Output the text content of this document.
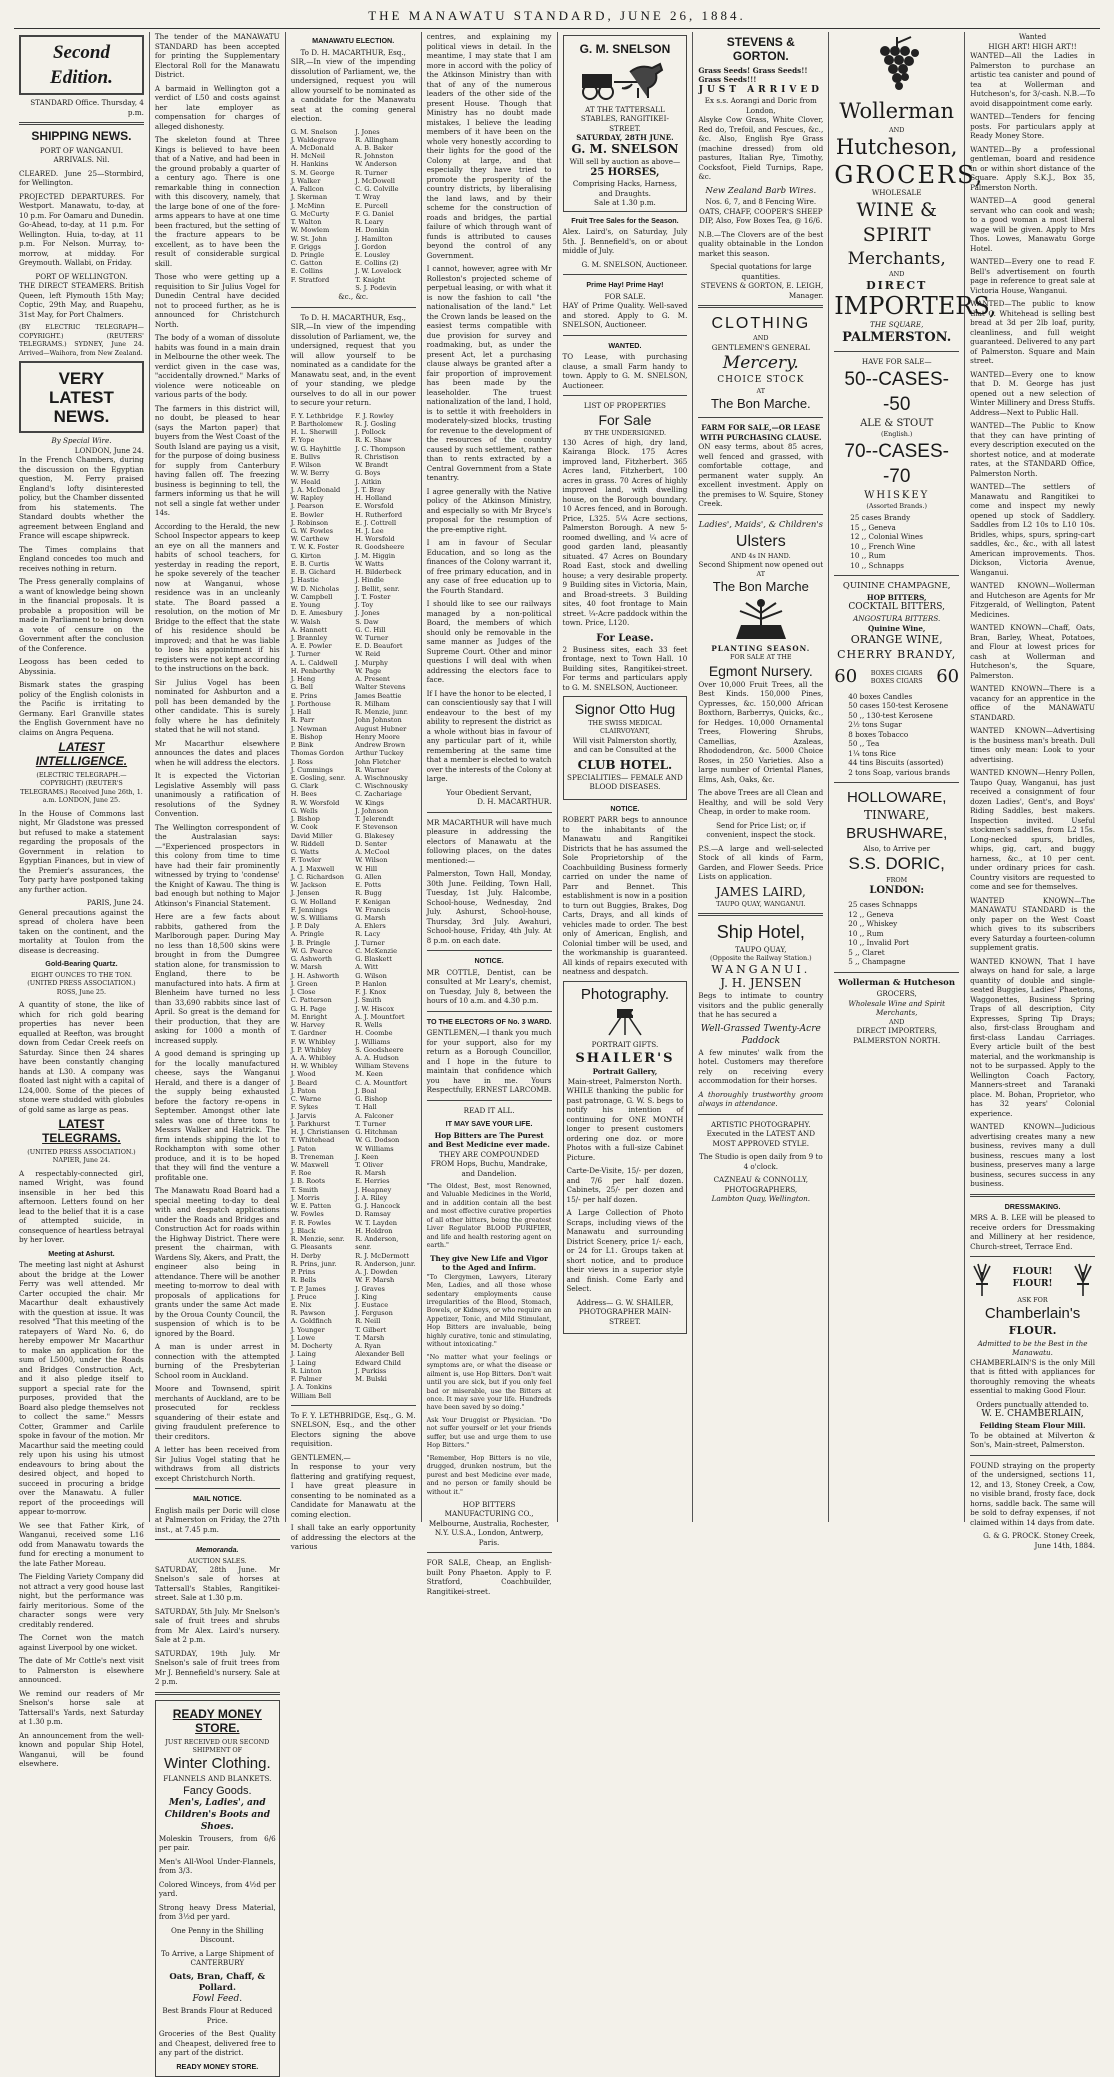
THE MANAWATU STANDARD, JUNE 26, 1884.
Second Edition.

STANDARD Office. Thursday, 4 p.m.

SHIPPING NEWS.
PORT OF WANGANUI.

ARRIVALS. Nil.

CLEARED. June 25—Stormbird, for Wellington.

PROJECTED DEPARTURES. For Westport. Manawatu, to-day, at 10 p.m. For Oamaru and Dunedin. Go-Ahead, to-day, at 11 p.m. For Wellington. Huia, to-day, at 11 p.m. For Nelson. Murray, to-morrow, at midday. For Greymouth. Wallabi, on Friday.

PORT OF WELLINGTON.

THE DIRECT STEAMERS. British Queen, left Plymouth 15th May; Coptic, 29th May, and Ruapehu, 31st May, for Port Chalmers.

(BY ELECTRIC TELEGRAPH—COPYRIGHT.) (REUTERS' TELEGRAMS.) SYDNEY, June 24. Arrived—Waihora, from New Zealand.

VERY LATEST NEWS.
By Special Wire.
LONDON, June 24.

In the French Chambers, during the discussion on the Egyptian question, M. Ferry praised England's lofty disinterested policy, but the Chamber dissented from his statements. The Standard doubts whether the agreement between England and France will escape shipwreck.

The Times complains that England concedes too much and receives nothing in return.

The Press generally complains of a want of knowledge being shown in the financial proposals. It is probable a proposition will be made in Parliament to bring down a vote of censure on the Government after the conclusion of the Conference.

Leogoss has been ceded to Abyssinia.

Bismark states the grasping policy of the English colonists in the Pacific is irritating to Germany. Earl Granville states the English Government have no claims on Angra Pequena.

LATEST INTELLIGENCE.

(ELECTRIC TELEGRAPH.—COPYRIGHT) (REUTER'S TELEGRAMS.) Received June 26th, 1. a.m. LONDON, June 25.

In the House of Commons last night, Mr Gladstone was pressed but refused to make a statement regarding the proposals of the Government in relation to Egyptian Finances, but in view of the Premier's assurances, the Tory party have postponed taking any further action.

PARIS, June 24.

General precautions against the spread of cholera have been taken on the continent, and the mortality at Toulon from the disease is decreasing.

Gold-Bearing Quartz.
EIGHT OUNCES TO THE TON.

(UNITED PRESS ASSOCIATION.) ROSS, June 25.

A quantity of stone, the like of which for rich gold bearing properties has never been equalled at Reefton, was brought down from Cedar Creek reefs on Saturday. Since then 24 shares have been constantly changing hands at L30. A company was floated last night with a capital of L24,000. Some of the pieces of stone were studded with globules of gold same as large as peas.

LATEST TELEGRAMS.

(UNITED PRESS ASSOCIATION.) NAPIER, June 24.

A respectably-connected girl, named Wright, was found insensible in her bed this afternoon. Letters found on her lead to the belief that it is a case of attempted suicide, in consequence of heartless betrayal by her lover.

Meeting at Ashurst.

The meeting last night at Ashurst about the bridge at the Lower Ferry was well attended. Mr Carter occupied the chair. Mr Macarthur dealt exhaustively with the question at issue. It was resolved "That this meeting of the ratepayers of Ward No. 6, do hereby empower Mr Macarthur to make an application for the sum of L5000, under the Roads and Bridges Construction Act, and it also pledge itself to support a special rate for the purposes, provided that the Board also pledge themselves not to collect the same." Messrs Cotter, Grammer and Carlile spoke in favour of the motion. Mr Macarthur said the meeting could rely upon his using his utmost endeavours to bring about the desired object, and hoped to succeed in procuring a bridge over the Manawatu. A fuller report of the proceedings will appear to-morrow.

We see that Father Kirk, of Wanganui, received some L16 odd from Manawatu towards the fund for erecting a monument to the late Father Moreau.

The Fielding Variety Company did not attract a very good house last night, but the performance was fairly meritorious. Some of the character songs were very creditably rendered.

The Cornet won the match against Liverpool by one wicket.

The date of Mr Cottle's next visit to Palmerston is elsewhere announced.

We remind our readers of Mr Snelson's horse sale at Tattersall's Yards, next Saturday at 1.30 p.m.

An announcement from the well-known and popular Ship Hotel, Wanganui, will be found elsewhere.

The tender of the MANAWATU STANDARD has been accepted for printing the Supplementary Electoral Roll for the Manawatu District.

A barmaid in Wellington got a verdict of L50 and costs against her late employer as compensation for charges of alleged dishonesty.

The skeleton found at Three Kings is believed to have been that of a Native, and had been in the ground probably a quarter of a century ago. There is one remarkable thing in connection with this discovery, namely, that the large bone of one of the fore-arms appears to have at one time been fractured, but the setting of the fracture appears to be excellent, as to have been the result of considerable surgical skill.

Those who were getting up a requisition to Sir Julius Vogel for Dunedin Central have decided not to proceed further, as he is announced for Christchurch North.

The body of a woman of dissolute habits was found in a main drain in Melbourne the other week. The verdict given in the case was, "accidentally drowned." Marks of violence were noticeable on various parts of the body.

The farmers in this district will, no doubt, be pleased to hear (says the Marton paper) that buyers from the West Coast of the South Island are paying us a visit, for the purpose of doing business for supply from Canterbury having fallen off. The freezing business is beginning to tell, the farmers informing us that he will not sell a single fat wether under 14s.

According to the Herald, the new School Inspector appears to keep an eye on all the manners and habits of school teachers, for yesterday in reading the report, he spoke severely of the teacher now at Wanganui, whose residence was in an uncleanly state. The Board passed a resolution, on the motion of Mr Bridge to the effect that the state of his residence should be improved; and that he was liable to lose his appointment if his registers were not kept according to the instructions on the back.

Sir Julius Vogel has been nominated for Ashburton and a poll has been demanded by the other candidate. This is surely folly where he has definitely stated that he will not stand.

Mr Macarthur elsewhere announces the dates and places when he will address the electors.

It is expected the Victorian Legislative Assembly will pass unanimously a ratification of resolutions of the Sydney Convention.

The Wellington correspondent of the Australasian says:—"Experienced prospectors in this colony from time to time have had their fair prominently witnessed by trying to 'condense' the Knight of Kawau. The thing is bad enough but nothing to Major Atkinson's Financial Statement.

Here are a few facts about rabbits, gathered from the Marlborough paper. During May no less than 18,500 skins were brought in from the Dumgree station alone, for transmission to England, there to be manufactured into hats. A firm at Blenheim have turned no less than 33,690 rabbits since last of April. So great is the demand for their production, that they are asking for 1000 a month of increased supply.

A good demand is springing up for the locally manufactured cheese, says the Wanganui Herald, and there is a danger of the supply being exhausted before the factory re-opens in September. Amongst other late sales was one of three tons to Messrs Walker and Hatrick. The firm intends shipping the lot to Rockhampton with some other produce, and it is to be hoped that they will find the venture a profitable one.

The Manawatu Road Board had a special meeting to-day to deal with and despatch applications under the Roads and Bridges and Construction Act for roads within the Highway District. There were present the chairman, with Wardens Sly, Akers, and Pratt, the engineer also being in attendance. There will be another meeting to-morrow to deal with proposals of applications for grants under the same Act made by the Oroua County Council, the suspension of which is to be ignored by the Board.

A man is under arrest in connection with the attempted burning of the Presbyterian School room in Auckland.

Moore and Townsend, spirit merchants of Auckland, are to be prosecuted for reckless squandering of their estate and giving fraudulent preference to their creditors.

A letter has been received from Sir Julius Vogel stating that he withdraws from all districts except Christchurch North.

MAIL NOTICE.

English mails per Doric will close at Palmerston on Friday, the 27th inst., at 7.45 p.m.

Memoranda.
AUCTION SALES.

SATURDAY, 28th June. Mr Snelson's sale of horses at Tattersall's Stables, Rangitikei-street. Sale at 1.30 p.m.

SATURDAY, 5th July. Mr Snelson's sale of fruit trees and shrubs from Mr Alex. Laird's nursery. Sale at 2 p.m.

SATURDAY, 19th July. Mr Snelson's sale of fruit trees from Mr J. Bennefield's nursery. Sale at 2 p.m.

READY MONEY STORE.
JUST RECEIVED OUR SECOND SHIPMENT OF
Winter Clothing.
FLANNELS AND BLANKETS.
Fancy Goods.
Men's, Ladies', and Children's Boots and Shoes.

Moleskin Trousers, from 6/6 per pair.

Men's All-Wool Under-Flannels, from 3/3.

Colored Winceys, from 4½d per yard.

Strong heavy Dress Material, from 3½d per yard.

One Penny in the Shilling Discount.

To Arrive, a Large Shipment of CANTERBURY

Oats, Bran, Chaff, & Pollard.
Fowl Feed.

Best Brands Flour at Reduced Price.

Groceries of the Best Quality and Cheapest, delivered free to any part of the district.

READY MONEY STORE.
MANAWATU ELECTION.
To D. H. MACARTHUR, Esq.,

SIR,—In view of the impending dissolution of Parliament, we, the undersigned, request you will allow yourself to be nominated as a candidate for the Manawatu seat at the coming general election.

G. M. Snelson
J. Waldegrave
A. McDonald
H. McNeil
H. Hankins
S. M. George
J. Walker
A. Fallcon
J. Skerman
J. McMinn
G. McCurty
T. Walton
W. Mowlem
W. St. John
F. Griggs
D. Pringle
C. Gatton
E. Collins
F. Stratford
J. Jones
R. Allingham
A. B. Baker
R. Johnston
W. Anderson
R. Turner
J. McDowell
C. G. Colville
T. Wray
E. Purcell
F. G. Daniel
R. Leary
H. Donkin
J. Hamilton
J. Gordon
E. Lousley
E. Collins (2)
J. W. Lovelock
T. Knight
S. J. Podevin
&c., &c.
To D. H. MACARTHUR, Esq.,

SIR,—In view of the impending dissolution of Parliament, we, the undersigned, request that you will allow yourself to be nominated as a candidate for the Manawatu seat, and, in the event of your standing, we pledge ourselves to do all in our power to secure your return.

F. Y. Lethbridge
P. Bartholomew
H. L. Sherwill
F. Yope
W. G. Hayhittle
E. Bullvs
F. Wilson
W. W. Berry
W. Heald
J. A. McDonald
W. Rapley
J. Pearson
E. Bowler
J. Robinson
G. W. Fowles
W. Carthew
T. W. K. Foster
G. Kirton
E. B. Curtis
E. B. Gichard
J. Hastie
W. D. Nicholas
W. Campbell
E. Young
D. E. Amesbury
W. Walsh
A. Hannett
J. Brannley
A. E. Powler
J. Turner
A. L. Caldwell
H. Penberthy
J. Heng
G. Bell
E. Prins
J. Porthouse
J. Hall
R. Parr
J. Newman
E. Bishop
P. Bink
Thomas Gordon
J. Ross
J. Cummings
E. Gosling, senr.
G. Clark
H. Bees
R. W. Worsfold
G. Wells
J. Bishop
W. Cook
David Miller
W. Riddell
G. Watts
F. Towler
A. J. Maxwell
J. C. Richardson
W. Jackson
J. Jensen
G. W. Holland
F. Jennings
W. S. Williams
J. P. Daly
A. Pringle
J. B. Pringle
W. G. Pearce
G. Ashworth
W. Marsh
J. H. Ashworth
J. Green
J. Close
C. Patterson
G. H. Page
M. Enright
W. Harvey
T. Gardner
F. W. Whibley
J. P. Whibley
A. A. Whibley
H. W. Whibley
J. Wood
J. Beard
J. Paton
C. Warne
F. Sykes
J. Jarvis
J. Parkhurst
H. J. Christiansen
T. Whitehead
J. Paton
B. Treneman
W. Maxwell
F. Roe
J. B. Roots
T. Smith
J. Morris
W. E. Patten
W. Fowles
F. R. Fowles
J. Black
R. Menzie, senr.
G. Pleasants
H. Derby
R. Prins, junr.
P. Prins
R. Bells
T. P. James
J. Pruce
E. Nix
R. Pawson
A. Goldfinch
J. Younger
J. Lowe
M. Docherty
J. Laing
J. Laing
R. Linton
F. Palmer
J. A. Tonkins
William Bell
F. J. Rowley
R. J. Gosling
J. Pollock
R. K. Shaw
J. C. Thompson
R. Christison
W. Brandt
G. Boys
J. Aitkin
J. T. Bray
H. Holland
E. Worsfold
H. Rutherford
E. J. Cottrell
H. J. Lee
H. Worsfold
R. Goodsheere
J. M. Higgin
W. Watts
H. Bilderbeck
J. Hindle
J. Bellit, senr.
J. T. Foster
J. Toy
J. Jones
S. Daw
G. C. Hill
W. Turner
E. D. Beaufort
W. Reid
J. Murphy
W. Page
A. Present
Walter Stevens
James Beattie
R. Milham
R. Menzie, junr.
John Johnston
August Hubner
Henry Moore
Andrew Brown
Arthur Tuckey
John Fletcher
R. Warner
A. Wischnousky
C. Wischnousky
C. Zachariage
W. Kings
J. Johnson
T. Jelerendt
F. Stevenson
G. Blakesey
D. Senter
A. McCool
W. Wilson
W. Hill
G. Allen
E. Potts
R. Bugg
F. Kenigan
W. Francis
G. Marsh
A. Ehlers
R. Lacy
J. Turner
C. McKenzie
G. Blaskett
A. Witt
G. Wilson
P. Hanlon
F. J. Knox
J. Smith
J. W. Hiscox
A. J. Mountfort
R. Wells
H. Coombe
J. Williams
S. Goodsheere
A. A. Hudson
William Stevens
M. Keen
C. A. Mountfort
J. Boal
G. Bishop
T. Hall
A. Falconer
T. Turner
G. Hitchman
W. G. Dodson
W. Williams
J. Keen
T. Oliver
R. Marsh
E. Herries
J. Heapney
J. A. Riley
G. J. Hancock
D. Ramsay
W. T. Layden
H. Holdron
R. Anderson, senr.
R. J. McDermott
R. Anderson, junr.
A. J. Dowden
W. F. Marsh
J. Graves
J. King
J. Eustace
J. Ferguson
R. Neill
T. Gilbert
T. Marsh
A. Ryan
Alexander Bell
Edward Child
J. Purkiss
M. Bulski

To F. Y. LETHBRIDGE, Esq., G. M. SNELSON, Esq., and the other Electors signing the above requisition.

GENTLEMEN,—

In response to your very flattering and gratifying request, I have great pleasure in consenting to be nominated as a Candidate for Manawatu at the coming election.

I shall take an early opportunity of addressing the electors at the various

centres, and explaining my political views in detail. In the meantime, I may state that I am more in accord with the policy of the Atkinson Ministry than with that of any of the numerous leaders of the other side of the present House. Though that Ministry has no doubt made mistakes, I believe the leading members of it have been on the whole very honestly according to their lights for the good of the Colony at large, and that especially they have tried to promote the prosperity of the country districts, by liberalising the land laws, and by their scheme for the construction of roads and bridges, the partial failure of which through want of funds is attributed to causes beyond the control of any Government.

I cannot, however, agree with Mr Rolleston's projected scheme of perpetual leasing, or with what it is now the fashion to call "the nationalisation of the land." Let the Crown lands be leased on the easiest terms compatible with due provision for survey and roadmaking, but, as under the present Act, let a purchasing clause always be granted after a fair proportion of improvement has been made by the leaseholder. The truest nationalization of the land, I hold, is to settle it with freeholders in moderately-sized blocks, trusting for revenue to the development of the resources of the country caused by such settlement, rather than to rents extracted by a Central Government from a State tenantry.

I agree generally with the Native policy of the Atkinson Ministry, and especially so with Mr Bryce's proposal for the resumption of the pre-emptive right.

I am in favour of Secular Education, and so long as the finances of the Colony warrant it, of free primary education, and in any case of free education up to the Fourth Standard.

I should like to see our railways managed by a non-political Board, the members of which should only be removable in the same manner as Judges of the Supreme Court. Other and minor questions I will deal with when addressing the electors face to face.

If I have the honor to be elected, I can conscientiously say that I will endeavour to the best of my ability to represent the district as a whole without bias in favour of any particular part of it, while remembering at the same time that a member is elected to watch over the interests of the Colony at large.

Your Obedient Servant,
D. H. MACARTHUR.

MR MACARTHUR will have much pleasure in addressing the electors of Manawatu at the following places, on the dates mentioned:—

Palmerston, Town Hall, Monday, 30th June. Feilding, Town Hall, Tuesday, 1st July. Halcombe, School-house, Wednesday, 2nd July. Ashurst, School-house, Thursday, 3rd July. Awahuri, School-house, Friday, 4th July. At 8 p.m. on each date.

NOTICE.

MR COTTLE, Dentist, can be consulted at Mr Leary's, chemist, on Tuesday, July 8, between the hours of 10 a.m. and 4.30 p.m.

TO THE ELECTORS OF No. 3 WARD.

GENTLEMEN,—I thank you much for your support, also for my return as a Borough Councillor, and I hope in the future to maintain that confidence which you have in me. Yours Respectfully, ERNEST LARCOMB.

READ IT ALL.
IT MAY SAVE YOUR LIFE.
Hop Bitters are The Purest and Best Medicine ever made.

THEY ARE COMPOUNDED FROM Hops, Buchu, Mandrake, and Dandelion.

"The Oldest, Best, most Renowned, and Valuable Medicines in the World, and in addition contain all the best and most effective curative properties of all other bitters, being the greatest Liver Regulator BLOOD PURIFIER, and life and health restoring agent on earth."

They give New Life and Vigor to the Aged and Infirm.

"To Clergymen, Lawyers, Literary Men, Ladies, and all those whose sedentary employments cause irregularities of the Blood, Stomach, Bowels, or Kidneys, or who require an Appetizer, Tonic, and Mild Stimulant, Hop Bitters are invaluable, being highly curative, tonic and stimulating, without intoxicating."

"No matter what your feelings or symptoms are, or what the disease or ailment is, use Hop Bitters. Don't wait until you are sick, but if you only feel bad or miserable, use the Bitters at once. It may save your life. Hundreds have been saved by so doing."

Ask Your Druggist or Physician. "Do not suffer yourself or let your friends suffer, but use and urge them to use Hop Bitters."

"Remember, Hop Bitters is no vile, drugged, drunken nostrum, but the purest and best Medicine ever made, and no person or family should be without it."

HOP BITTERS MANUFACTURING CO., Melbourne, Australia, Rochester, N.Y. U.S.A., London, Antwerp, Paris.

FOR SALE, Cheap, an English-built Pony Phaeton. Apply to F. Stratford, Coachbuilder, Rangitikei-street.

G. M. SNELSON
AT THE TATTERSALL STABLES, RANGITIKEI-STREET.
SATURDAY, 28TH JUNE.
G. M. SNELSON
Will sell by auction as above—
25 HORSES,
Comprising Hacks, Harness, and Draughts.
Sale at 1.30 p.m.
Fruit Tree Sales for the Season.

Alex. Laird's, on Saturday, July 5th. J. Bennefield's, on or about middle of July.

G. M. SNELSON, Auctioneer.
Prime Hay! Prime Hay!
FOR SALE.

HAY of Prime Quality. Well-saved and stored. Apply to G. M. SNELSON, Auctioneer.

WANTED.

TO Lease, with purchasing clause, a small Farm handy to town. Apply to G. M. SNELSON, Auctioneer.

LIST OF PROPERTIES
For Sale
BY THE UNDERSIGNED.

130 Acres of high, dry land, Kairanga Block. 175 Acres improved land, Fitzherbert. 365 Acres land, Fitzherbert, 100 acres in grass. 70 Acres of highly improved land, with dwelling house, on the Borough boundary. 10 Acres fenced, and in Borough. Price, L325. 5¼ Acre sections, Palmerston Borough. A new 5-roomed dwelling, and ¼ acre of good garden land, pleasantly situated. 47 Acres on Boundary Road East, stock and dwelling house; a very desirable property. 9 Building sites in Victoria, Main, and Broad-streets. 3 Building sites, 40 foot frontage to Main street. ¼-Acre paddock within the town. Price, L120.

For Lease.

2 Business sites, each 33 feet frontage, next to Town Hall. 10 Building sites, Rangitikei-street. For terms and particulars apply to G. M. SNELSON, Auctioneer.

Signor Otto Hug
THE SWISS MEDICAL CLAIRVOYANT,

Will visit Palmerston shortly, and can be Consulted at the

CLUB HOTEL.

SPECIALITIES— FEMALE AND BLOOD DISEASES.

NOTICE.

ROBERT PARR begs to announce to the inhabitants of the Manawatu and Rangitikei Districts that he has assumed the Sole Proprietorship of the Coachbuilding Business formerly carried on under the name of Parr and Bennet. This establishment is now in a position to turn out Buggies, Brakes, Dog Carts, Drays, and all kinds of vehicles made to order. The best only of American, English, and Colonial timber will be used, and the workmanship is guaranteed. All kinds of repairs executed with neatness and despatch.

Photography.
PORTRAIT GIFTS.
SHAILER'S
Portrait Gallery,
Main-street, Palmerston North.

WHILE thanking the public for past patronage, G. W. S. begs to notify his intention of continuing for ONE MONTH longer to present customers ordering one doz. or more Photos with a full-size Cabinet Picture.

Carte-De-Visite, 15/- per dozen, and 7/6 per half dozen. Cabinets, 25/- per dozen and 15/- per half dozen.

A Large Collection of Photo Scraps, including views of the Manawatu and surrounding District Scenery, price 1/- each, or 24 for L1. Groups taken at short notice, and to produce their views in a superior style and finish. Come Early and Select.

Address— G. W. SHAILER, PHOTOGRAPHER MAIN-STREET.

STEVENS & GORTON.
Grass Seeds! Grass Seeds!! Grass Seeds!!!
JUST ARRIVED
Ex s.s. Aorangi and Doric from London,

Alsyke Cow Grass, White Clover, Red do, Trefoil, and Fescues, &c., &c. Also, English Rye Grass (machine dressed) from old pastures, Italian Rye, Timothy, Cocksfoot, Field Turnips, Rape, &c.

New Zealand Barb Wires.
Nos. 6, 7, and 8 Fencing Wire.

OATS, CHAFF, COOPER'S SHEEP DIP, Also, Fow Boxes Tea, @ 16/6.

N.B.—The Clovers are of the best quality obtainable in the London market this season.

Special quotations for large quantities.
STEVENS & GORTON, E. LEIGH, Manager.
CLOTHING
AND
GENTLEMEN'S GENERAL
Mercery.
CHOICE STOCK
AT
The Bon Marche.
FARM FOR SALE,—OR LEASE WITH PURCHASING CLAUSE.

ON easy terms, about 85 acres, well fenced and grassed, with comfortable cottage, and permanent water supply. An excellent investment. Apply on the premises to W. Squire, Stoney Creek.

Ladies', Maids', & Children's
Ulsters
AND 4s IN HAND.
Second Shipment now opened out
AT
The Bon Marche
PLANTING SEASON.
FOR SALE AT THE
Egmont Nursery.

Over 10,000 Fruit Trees, all the Best Kinds. 150,000 Pines, Cypresses, &c. 150,000 African Boxthorn, Barberrys, Quicks, &c., for Hedges. 10,000 Ornamental Trees, Flowering Shrubs, Camellias, Azaleas, Rhododendron, &c. 5000 Choice Roses, in 250 Varieties. Also a large number of Oriental Planes, Elms, Ash, Oaks, &c.

The above Trees are all Clean and Healthy, and will be sold Very Cheap, in order to make room.

Send for Price List; or, if convenient, inspect the stock.

P.S.—A large and well-selected Stock of all kinds of Farm, Garden, and Flower Seeds. Price Lists on application.

JAMES LAIRD,
TAUPO QUAY, WANGANUI.
Ship Hotel,
TAUPO QUAY,
(Opposite the Railway Station.)
WANGANUI.
J. H. JENSEN

Begs to intimate to country visitors and the public generally that he has secured a

Well-Grassed Twenty-Acre Paddock

A few minutes' walk from the hotel. Customers may therefore rely on receiving every accommodation for their horses.

A thoroughly trustworthy groom always in attendance.

ARTISTIC PHOTOGRAPHY.

Executed in the LATEST AND MOST APPROVED STYLE.

The Studio is open daily from 9 to 4 o'clock.

CAZNEAU & CONNOLLY, PHOTOGRAPHERS,
Lambton Quay, Wellington.
Wollerman
AND
Hutcheson,
GROCERS,
WHOLESALE
WINE & SPIRIT
Merchants,
AND
DIRECT
IMPORTERS,
THE SQUARE,
PALMERSTON.
HAVE FOR SALE—
50--CASES--50
ALE & STOUT
(English.)
70--CASES--70
WHISKEY
(Assorted Brands.)
25 cases Brandy
15 ,, Geneva
12 ,, Colonial Wines
10 ,, French Wine
10 ,, Rum
10 ,, Schnapps
QUININE CHAMPAGNE,
HOP BITTERS,
COCKTAIL BITTERS,
ANGOSTURA BITTERS.
Quinine Wine,
ORANGE WINE,
CHERRY BRANDY,
60	BOXES CIGARS BOXES CIGARS 60
40 boxes Candles
50 cases 150-test Kerosene
50 ,, 130-test Kerosene
2½ tons Sugar
8 boxes Tobacco
50 ,, Tea
1¼ tons Rice
44 tins Biscuits (assorted)
2 tons Soap, various brands
HOLLOWARE,
TINWARE,
BRUSHWARE,
Also, to Arrive per
S.S. DORIC,
FROM
LONDON:
25 cases Schnapps
12 ,, Geneva
20 ,, Whiskey
10 ,, Rum
10 ,, Invalid Port
5 ,, Claret
5 ,, Champagne
Wollerman & Hutcheson
GROCERS,
Wholesale Wine and Spirit Merchants,
AND
DIRECT IMPORTERS,
PALMERSTON NORTH.
Wanted
HIGH ART! HIGH ART!!

WANTED—All the Ladies in Palmerston to purchase an artistic tea canister and pound of tea at Wollerman and Hutcheson's, for 3/-cash. N.B.—To avoid disappointment come early.

WANTED—Tenders for fencing posts. For particulars apply at Ready Money Store.

WANTED—By a professional gentleman, board and residence in or within short distance of the Square. Apply S.K.J., Box 35, Palmerston North.

WANTED—A good general servant who can cook and wash; to a good woman a most liberal wage will be given. Apply to Mrs Thos. Lowes, Manawatu Gorge Hotel.

WANTED—Every one to read F. Bell's advertisement on fourth page in reference to great sale at Victoria House, Wanganui.

WANTED—The public to know that C. Whitehead is selling best bread at 3d per 2lb loaf, purity, cleanliness, and full weight guaranteed. Delivered to any part of Palmerston. Square and Main street.

WANTED—Every one to know that D. M. George has just opened out a new selection of Winter Millinery and Dress Stuffs. Address—Next to Public Hall.

WANTED—The Public to Know that they can have printing of every description executed on the shortest notice, and at moderate rates, at the STANDARD Office, Palmerston North.

WANTED—The settlers of Manawatu and Rangitikei to come and inspect my newly opened up stock of Saddlery. Saddles from L2 10s to L10 10s. Bridles, whips, spurs, spring-cart saddles, &c., &c., with all latest American improvements. Thos. Dickson, Victoria Avenue, Wanganui.

WANTED KNOWN—Wollerman and Hutcheson are Agents for Mr Fitzgerald, of Wellington, Patent Medicines.

WANTED KNOWN—Chaff, Oats, Bran, Barley, Wheat, Potatoes, and Flour at lowest prices for cash at Wollerman and Hutcheson's, the Square, Palmerston.

WANTED KNOWN—There is a vacancy for an apprentice in the office of the MANAWATU STANDARD.

WANTED KNOWN—Advertising is the business man's breath. Dull times only mean: Look to your advertising.

WANTED KNOWN—Henry Pollen, Taupo Quay, Wanganui, has just received a consignment of four dozen Ladies', Gent's, and Boys' Riding Saddles, best makers. Inspection invited. Useful stockmen's saddles, from L2 15s. Long-necked spurs, bridles, whips, gig, cart, and buggy harness, &c., at 10 per cent. under ordinary prices for cash. Country visitors are requested to come and see for themselves.

WANTED KNOWN—The MANAWATU STANDARD is the only paper on the West Coast which gives to its subscribers every Saturday a fourteen-column supplement gratis.

WANTED KNOWN, That I have always on hand for sale, a large quantity of double and single-seated Buggies, Ladies' Phaetons, Waggonettes, Business Spring Traps of all description, City Expresses, Spring Tip Drays; also, first-class Brougham and first-class Landau Carriages. Every article built of the best material, and the workmanship is not to be surpassed. Apply to the Wellington Coach Factory, Manners-street and Taranaki place. M. Bohan, Proprietor, who has 32 years' Colonial experience.

WANTED KNOWN—Judicious advertising creates many a new business, revives many a dull business, rescues many a lost business, preserves many a large business, secures success in any business.

DRESSMAKING.

MRS A. B. LEE will be pleased to receive orders for Dressmaking and Millinery at her residence, Church-street, Terrace End.

FLOUR! FLOUR!
ASK FOR
Chamberlain's
FLOUR.
Admitted to be the Best in the Manawatu.

CHAMBERLAIN'S is the only Mill that is fitted with appliances for thoroughly removing the wheats essential to making Good Flour.

Orders punctually attended to.
W. E. CHAMBERLAIN,
Feilding Steam Flour Mill.

To be obtained at Milverton & Son's, Main-street, Palmerston.

FOUND straying on the property of the undersigned, sections 11, 12, and 13, Stoney Creek, a Cow, no visible brand, frosty face, dock horns, saddle back. The same will be sold to defray expenses, if not claimed within 14 days from date.

G. & G. PROCK. Stoney Creek, June 14th, 1884.
